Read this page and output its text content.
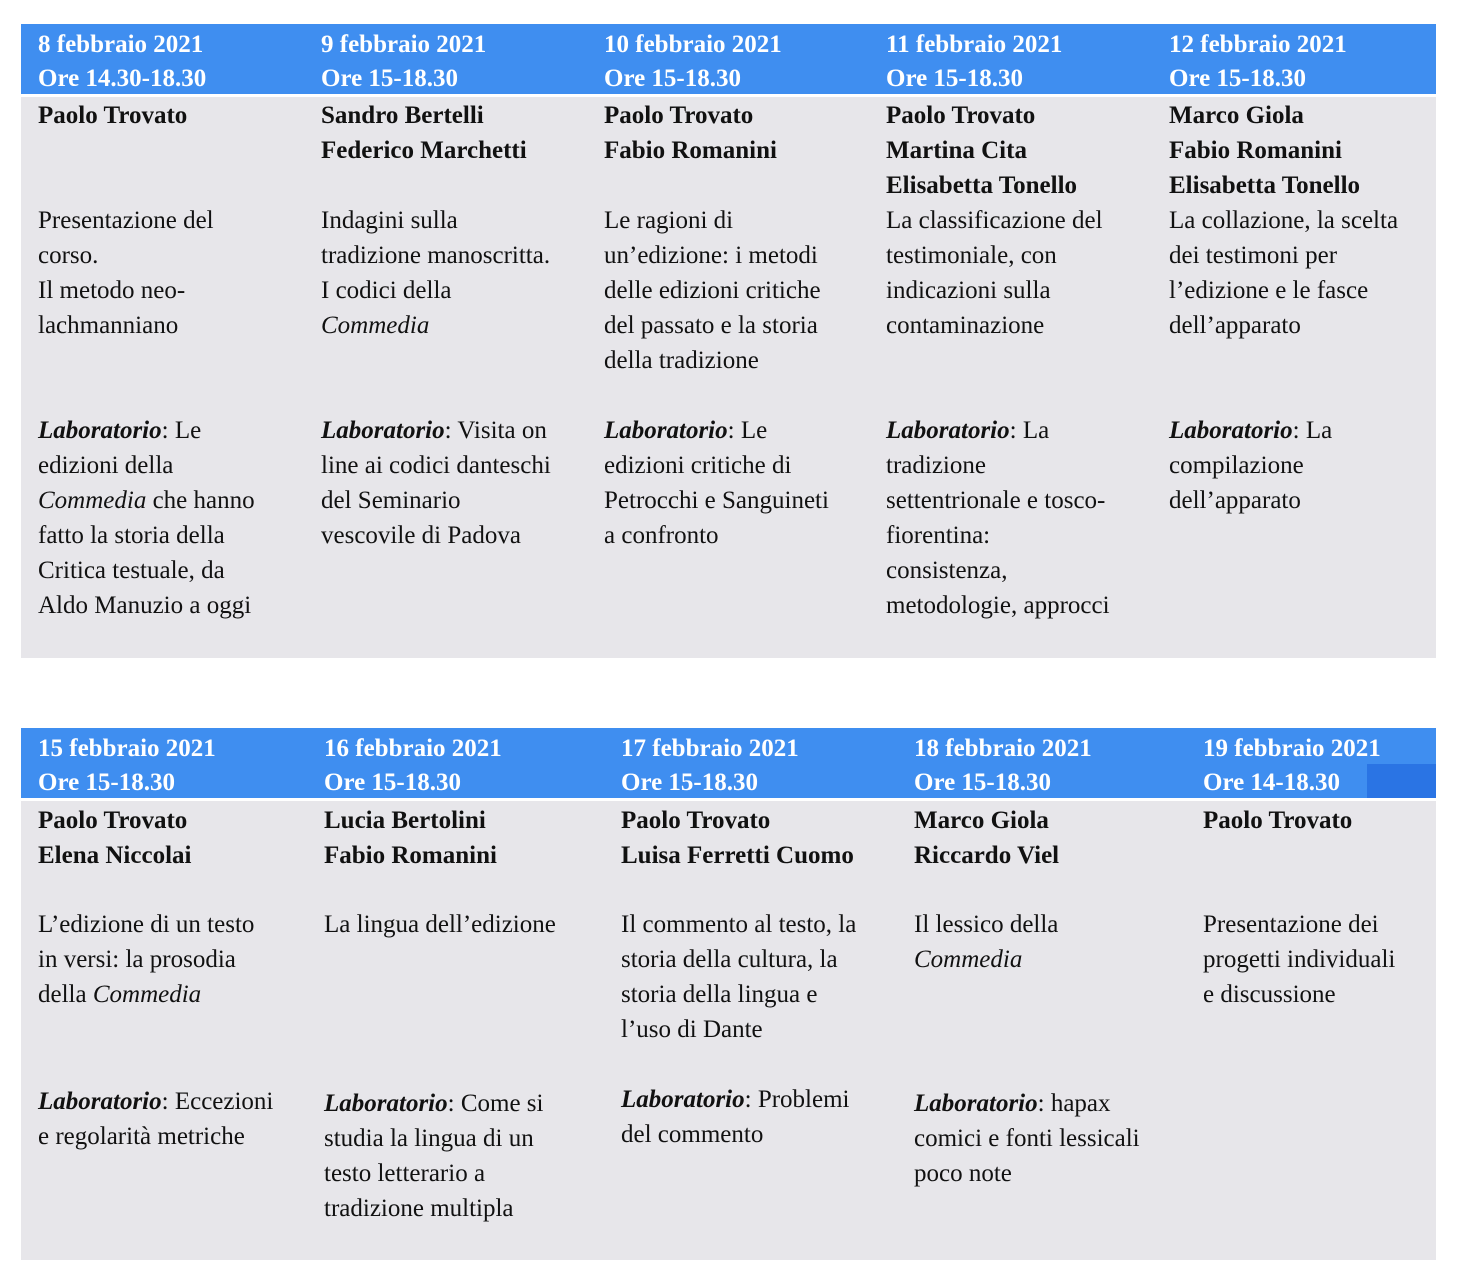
8 febbraio 2021
Ore 14.30-18.30
9 febbraio 2021
Ore 15-18.30
10 febbraio 2021
Ore 15-18.30
11 febbraio 2021
Ore 15-18.30
12 febbraio 2021
Ore 15-18.30
Paolo Trovato
Presentazione del
corso.
Il metodo neo-
lachmanniano
Laboratorio: Le
edizioni della
Commedia che hanno
fatto la storia della
Critica testuale, da
Aldo Manuzio a oggi
Sandro Bertelli
Federico Marchetti
Indagini sulla
tradizione manoscritta.
I codici della
Commedia
Laboratorio: Visita on
line ai codici danteschi
del Seminario
vescovile di Padova
Paolo Trovato
Fabio Romanini
Le ragioni di
un’edizione: i metodi
delle edizioni critiche
del passato e la storia
della tradizione
Laboratorio: Le
edizioni critiche di
Petrocchi e Sanguineti
a confronto
Paolo Trovato
Martina Cita
Elisabetta Tonello
La classificazione del
testimoniale, con
indicazioni sulla
contaminazione
Laboratorio: La
tradizione
settentrionale e tosco-
fiorentina:
consistenza,
metodologie, approcci
Marco Giola
Fabio Romanini
Elisabetta Tonello
La collazione, la scelta
dei testimoni per
l’edizione e le fasce
dell’apparato
Laboratorio: La
compilazione
dell’apparato
15 febbraio 2021
Ore 15-18.30
16 febbraio 2021
Ore 15-18.30
17 febbraio 2021
Ore 15-18.30
18 febbraio 2021
Ore 15-18.30
19 febbraio 2021
Ore 14-18.30
Paolo Trovato
Elena Niccolai
L’edizione di un testo
in versi: la prosodia
della Commedia
Laboratorio: Eccezioni
e regolarità metriche
Lucia Bertolini
Fabio Romanini
La lingua dell’edizione
Laboratorio: Come si
studia la lingua di un
testo letterario a
tradizione multipla
Paolo Trovato
Luisa Ferretti Cuomo
Il commento al testo, la
storia della cultura, la
storia della lingua e
l’uso di Dante
Laboratorio: Problemi
del commento
Marco Giola
Riccardo Viel
Il lessico della
Commedia
Laboratorio: hapax
comici e fonti lessicali
poco note
Paolo Trovato
Presentazione dei
progetti individuali
e discussione
